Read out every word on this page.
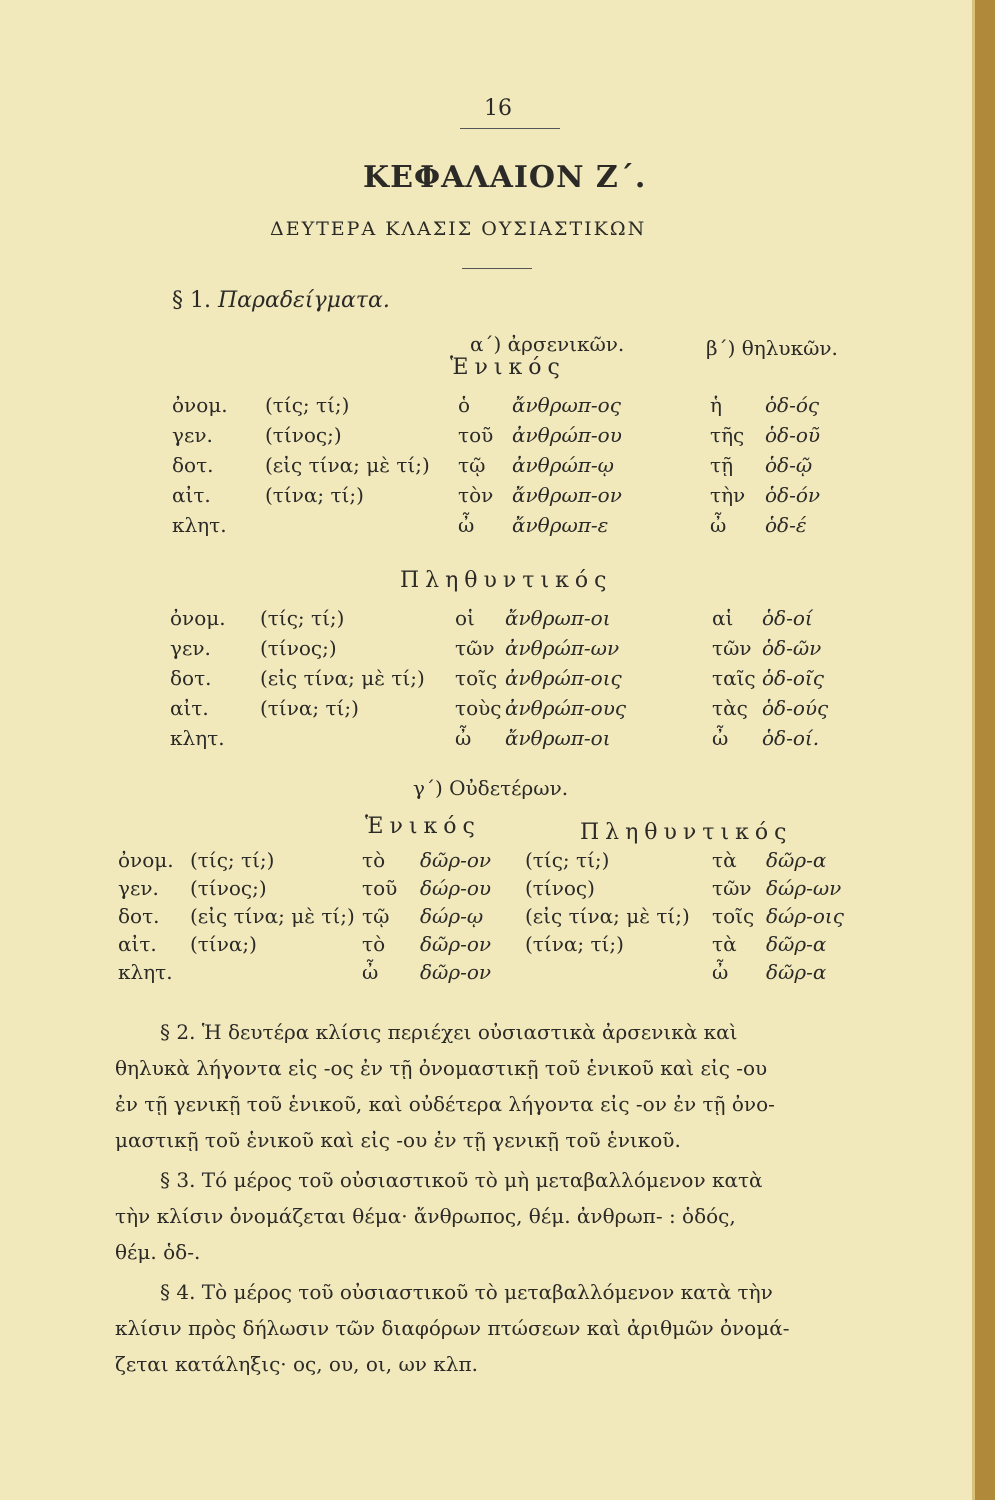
16
ΚΕΦΑΛΑΙΟΝ Ζ΄.
ΔΕΥΤΕΡΑ ΚΛΑΣΙΣ ΟΥΣΙΑΣΤΙΚΩΝ
§ 1. Παραδείγματα.
α΄) ἀρσενικῶν.	β΄) θηλυκῶν.
Ἑνικός
ὀνομ. (τίς; τί;)	ὁ ἄνθρωπ-ος	ἡ ὁδ-ός
γεν.	(τίνος;)	τοῦ ἀνθρώπ-ου	τῆς ὁδ-οῦ
δοτ.	(εἰς τίνα; μὲ τί;) τῷ ἀνθρώπ-ῳ	τῇ ὁδ-ῷ
αἰτ.	(τίνα; τί;)	τὸν ἄνθρωπ-ον	τὴν ὁδ-όν
κλητ.	ὦ ἄνθρωπ-ε	ὦ ὁδ-έ
Πληθυντικός
ὀνομ. (τίς; τί;)	οἱ ἄνθρωπ-οι	αἱ ὁδ-οί
γεν. (τίνος;)	τῶν ἀνθρώπ-ων	τῶν ὁδ-ῶν
δοτ. (εἰς τίνα; μὲ τί;) τοῖς ἀνθρώπ-οις	ταῖς ὁδ-οῖς
αἰτ.	(τίνα; τί;)	τοὺς ἀνθρώπ-ους	τὰς ὁδ-ούς
κλητ.	ὦ ἄνθρωπ-οι	ὦ ὁδ-οί.
γ΄) Οὐδετέρων.
Ἑνικός	Πληθυντικός
ὀνομ. (τίς; τί;)	τὸ δῶρ-ον (τίς; τί;)	τὰ δῶρ-α
γεν. (τίνος;)	τοῦ δώρ-ου (τίνος)	τῶν δώρ-ων
δοτ. (εἰς τίνα; μὲ τί;) τῷ δώρ-ῳ (εἰς τίνα; μὲ τί;) τοῖς δώρ-οις
αἰτ. (τίνα;)	τὸ δῶρ-ον (τίνα; τί;)	τὰ δῶρ-α
κλητ.	ὦ δῶρ-ον	ὦ δῶρ-α
§ 2. Ἡ δευτέρα κλίσις περιέχει οὐσιαστικὰ ἀρσενικὰ καὶ
θηλυκὰ λήγοντα εἰς -ος ἐν τῇ ὀνομαστικῇ τοῦ ἑνικοῦ καὶ εἰς -ου
ἐν τῇ γενικῇ τοῦ ἑνικοῦ, καὶ οὐδέτερα λήγοντα εἰς -ον ἐν τῇ ὀνο-
μαστικῇ τοῦ ἑνικοῦ καὶ εἰς -ου ἐν τῇ γενικῇ τοῦ ἑνικοῦ.
§ 3. Τό μέρος τοῦ οὐσιαστικοῦ τὸ μὴ μεταβαλλόμενον κατὰ
τὴν κλίσιν ὀνομάζεται θέμα· ἄνθρωπος, θέμ. ἀνθρωπ- : ὁδός,
θέμ. ὁδ-.
§ 4. Τὸ μέρος τοῦ οὐσιαστικοῦ τὸ μεταβαλλόμενον κατὰ τὴν
κλίσιν πρὸς δήλωσιν τῶν διαφόρων πτώσεων καὶ ἀριθμῶν ὀνομά-
ζεται κατάληξις· ος, ου, οι, ων κλπ.
